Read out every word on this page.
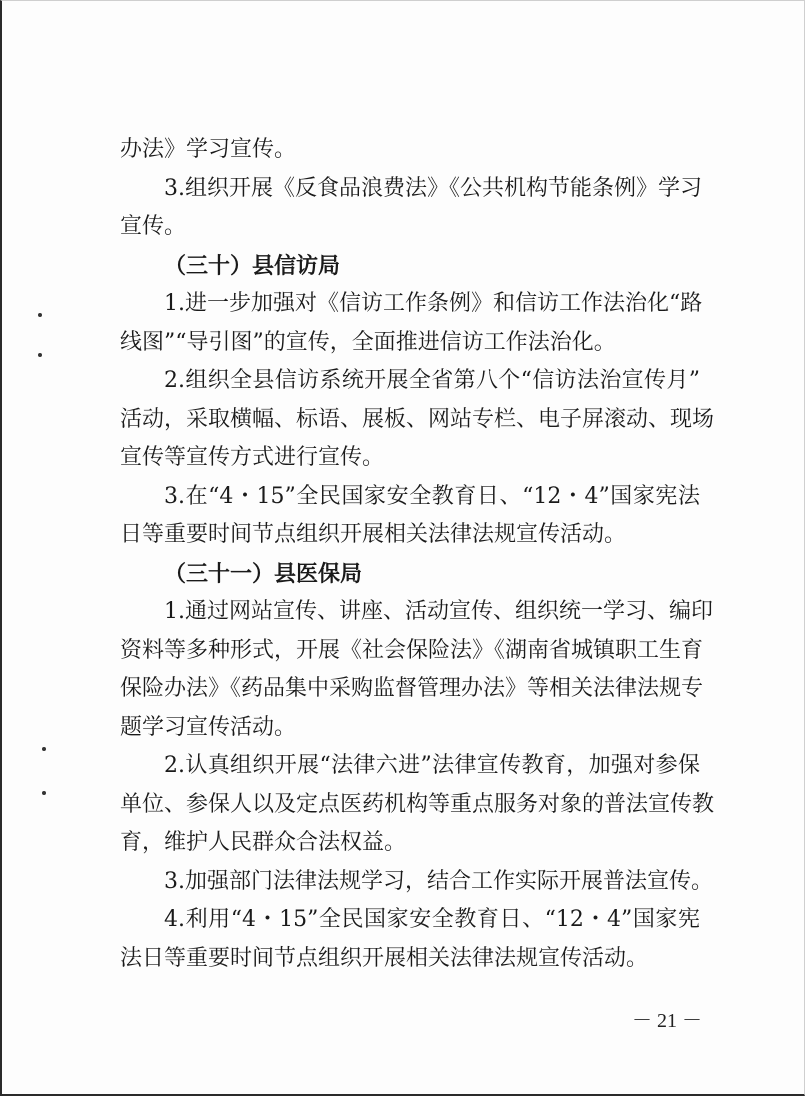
办法》学习宣传。
3.组织开展《反食品浪费法》《公共机构节能条例》学习
宣传。
（三十）县信访局
1.进一步加强对《信访工作条例》和信访工作法治化“路
线图”“导引图”的宣传，全面推进信访工作法治化。
2.组织全县信访系统开展全省第八个“信访法治宣传月”
活动，采取横幅、标语、展板、网站专栏、电子屏滚动、现场
宣传等宣传方式进行宣传。
3.在“4・15”全民国家安全教育日、“12・4”国家宪法
日等重要时间节点组织开展相关法律法规宣传活动。
（三十一）县医保局
1.通过网站宣传、讲座、活动宣传、组织统一学习、编印
资料等多种形式，开展《社会保险法》《湖南省城镇职工生育
保险办法》《药品集中采购监督管理办法》等相关法律法规专
题学习宣传活动。
2.认真组织开展“法律六进”法律宣传教育，加强对参保
单位、参保人以及定点医药机构等重点服务对象的普法宣传教
育，维护人民群众合法权益。
3.加强部门法律法规学习，结合工作实际开展普法宣传。
4.利用“4・15”全民国家安全教育日、“12・4”国家宪
法日等重要时间节点组织开展相关法律法规宣传活动。
－ 21 －
